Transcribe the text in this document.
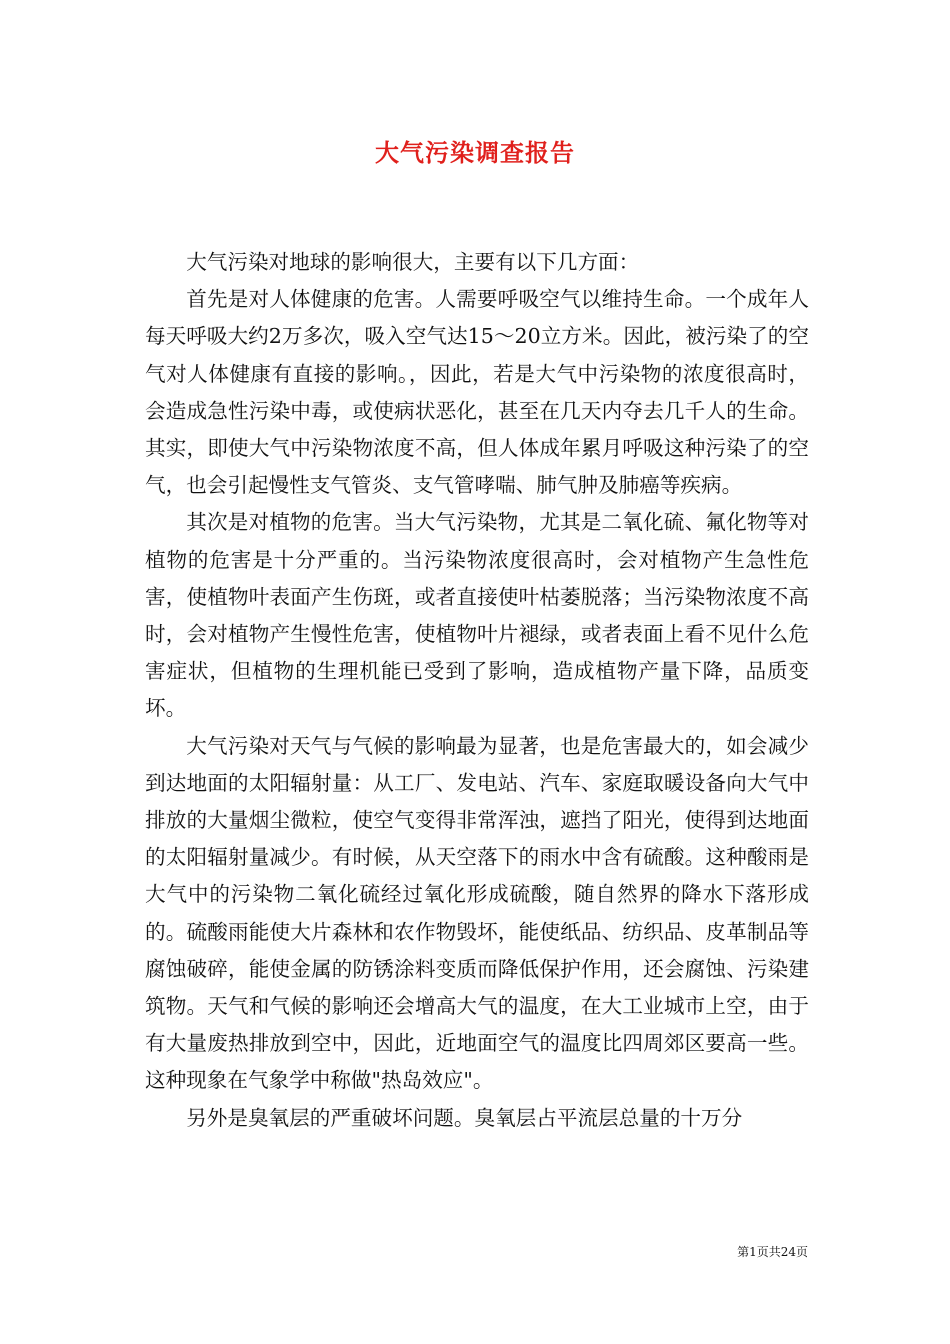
大气污染调查报告

大气污染对地球的影响很大，主要有以下几方面：

首先是对人体健康的危害。人需要呼吸空气以维持生命。一个成年人每天呼吸大约2万多次，吸入空气达15～20立方米。因此，被污染了的空气对人体健康有直接的影响。，因此，若是大气中污染物的浓度很高时，会造成急性污染中毒，或使病状恶化，甚至在几天内夺去几千人的生命。其实，即使大气中污染物浓度不高，但人体成年累月呼吸这种污染了的空气，也会引起慢性支气管炎、支气管哮喘、肺气肿及肺癌等疾病。

其次是对植物的危害。当大气污染物，尤其是二氧化硫、氟化物等对植物的危害是十分严重的。当污染物浓度很高时，会对植物产生急性危害，使植物叶表面产生伤斑，或者直接使叶枯萎脱落；当污染物浓度不高时，会对植物产生慢性危害，使植物叶片褪绿，或者表面上看不见什么危害症状，但植物的生理机能已受到了影响，造成植物产量下降，品质变坏。

大气污染对天气与气候的影响最为显著，也是危害最大的，如会减少到达地面的太阳辐射量：从工厂、发电站、汽车、家庭取暖设备向大气中排放的大量烟尘微粒，使空气变得非常浑浊，遮挡了阳光，使得到达地面的太阳辐射量减少。有时候，从天空落下的雨水中含有硫酸。这种酸雨是大气中的污染物二氧化硫经过氧化形成硫酸，随自然界的降水下落形成的。硫酸雨能使大片森林和农作物毁坏，能使纸品、纺织品、皮革制品等腐蚀破碎，能使金属的防锈涂料变质而降低保护作用，还会腐蚀、污染建筑物。天气和气候的影响还会增高大气的温度，在大工业城市上空，由于有大量废热排放到空中，因此，近地面空气的温度比四周郊区要高一些。这种现象在气象学中称做"热岛效应"。

另外是臭氧层的严重破坏问题。臭氧层占平流层总量的十万分

第1页共24页
